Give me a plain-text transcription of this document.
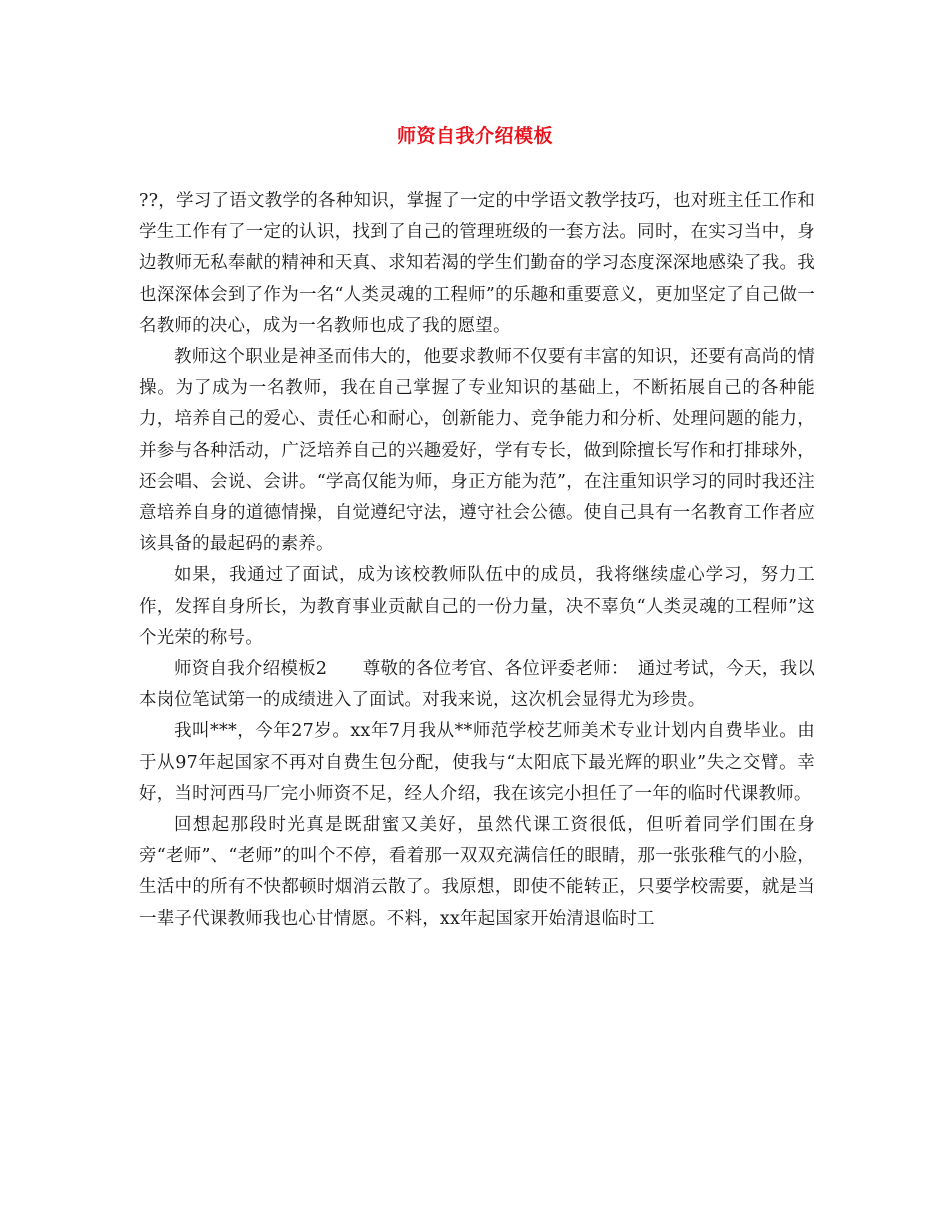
师资自我介绍模板

??，学习了语文教学的各种知识，掌握了一定的中学语文教学技巧，也对班主任工作和学生工作有了一定的认识，找到了自己的管理班级的一套方法。同时，在实习当中，身边教师无私奉献的精神和天真、求知若渴的学生们勤奋的学习态度深深地感染了我。我也深深体会到了作为一名“人类灵魂的工程师”的乐趣和重要意义，更加坚定了自己做一名教师的决心，成为一名教师也成了我的愿望。

教师这个职业是神圣而伟大的，他要求教师不仅要有丰富的知识，还要有高尚的情操。为了成为一名教师，我在自己掌握了专业知识的基础上，不断拓展自己的各种能力，培养自己的爱心、责任心和耐心，创新能力、竞争能力和分析、处理问题的能力，并参与各种活动，广泛培养自己的兴趣爱好，学有专长，做到除擅长写作和打排球外，还会唱、会说、会讲。“学高仅能为师，身正方能为范”，在注重知识学习的同时我还注意培养自身的道德情操，自觉遵纪守法，遵守社会公德。使自己具有一名教育工作者应该具备的最起码的素养。

如果，我通过了面试，成为该校教师队伍中的成员，我将继续虚心学习，努力工作，发挥自身所长，为教育事业贡献自己的一份力量，决不辜负“人类灵魂的工程师”这个光荣的称号。

师资自我介绍模板2　　尊敬的各位考官、各位评委老师：　通过考试，今天，我以本岗位笔试第一的成绩进入了面试。对我来说，这次机会显得尤为珍贵。

我叫***，今年27岁。xx年7月我从**师范学校艺师美术专业计划内自费毕业。由于从97年起国家不再对自费生包分配，使我与“太阳底下最光辉的职业”失之交臂。幸好，当时河西马厂完小师资不足，经人介绍，我在该完小担任了一年的临时代课教师。

回想起那段时光真是既甜蜜又美好，虽然代课工资很低，但听着同学们围在身旁“老师”、“老师”的叫个不停，看着那一双双充满信任的眼睛，那一张张稚气的小脸，生活中的所有不快都顿时烟消云散了。我原想，即使不能转正，只要学校需要，就是当一辈子代课教师我也心甘情愿。不料，xx年起国家开始清退临时工
